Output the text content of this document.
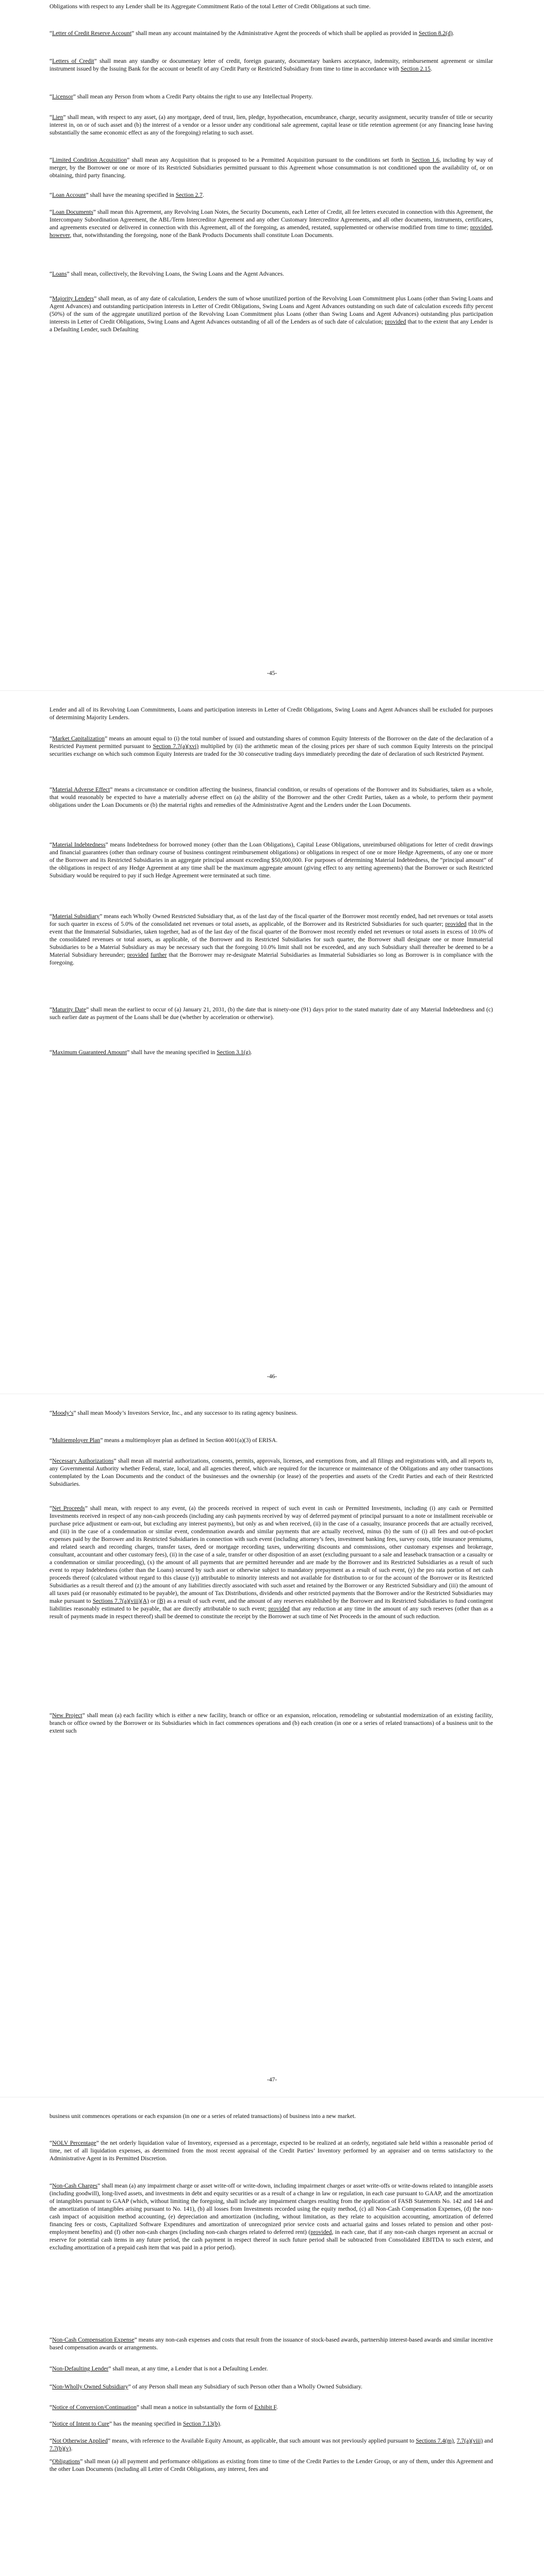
Obligations with respect to any Lender shall be its Aggregate Commitment Ratio of the total Letter of Credit Obligations at such time.

“Letter of Credit Reserve Account” shall mean any account maintained by the Administrative Agent the proceeds of which shall be applied as provided in Section 8.2(d).

“Letters of Credit” shall mean any standby or documentary letter of credit, foreign guaranty, documentary bankers acceptance, indemnity, reimbursement agreement or similar instrument issued by the Issuing Bank for the account or benefit of any Credit Party or Restricted Subsidiary from time to time in accordance with Section 2.15.

“Licensor” shall mean any Person from whom a Credit Party obtains the right to use any Intellectual Property.

“Lien” shall mean, with respect to any asset, (a) any mortgage, deed of trust, lien, pledge, hypothecation, encumbrance, charge, security assignment, security transfer of title or security interest in, on or of such asset and (b) the interest of a vendor or a lessor under any conditional sale agreement, capital lease or title retention agreement (or any financing lease having substantially the same economic effect as any of the foregoing) relating to such asset.

“Limited Condition Acquisition” shall mean any Acquisition that is proposed to be a Permitted Acquisition pursuant to the conditions set forth in Section 1.6, including by way of merger, by the Borrower or one or more of its Restricted Subsidiaries permitted pursuant to this Agreement whose consummation is not conditioned upon the availability of, or on obtaining, third party financing.

“Loan Account” shall have the meaning specified in Section 2.7.

“Loan Documents” shall mean this Agreement, any Revolving Loan Notes, the Security Documents, each Letter of Credit, all fee letters executed in connection with this Agreement, the Intercompany Subordination Agreement, the ABL/Term Intercreditor Agreement and any other Customary Intercreditor Agreements, and all other documents, instruments, certificates, and agreements executed or delivered in connection with this Agreement, all of the foregoing, as amended, restated, supplemented or otherwise modified from time to time; provided, however, that, notwithstanding the foregoing, none of the Bank Products Documents shall constitute Loan Documents.

“Loans” shall mean, collectively, the Revolving Loans, the Swing Loans and the Agent Advances.

“Majority Lenders” shall mean, as of any date of calculation, Lenders the sum of whose unutilized portion of the Revolving Loan Commitment plus Loans (other than Swing Loans and Agent Advances) and outstanding participation interests in Letter of Credit Obligations, Swing Loans and Agent Advances outstanding on such date of calculation exceeds fifty percent (50%) of the sum of the aggregate unutilized portion of the Revolving Loan Commitment plus Loans (other than Swing Loans and Agent Advances) outstanding plus participation interests in Letter of Credit Obligations, Swing Loans and Agent Advances outstanding of all of the Lenders as of such date of calculation; provided that to the extent that any Lender is a Defaulting Lender, such Defaulting

-45-

Lender and all of its Revolving Loan Commitments, Loans and participation interests in Letter of Credit Obligations, Swing Loans and Agent Advances shall be excluded for purposes of determining Majority Lenders.

“Market Capitalization” means an amount equal to (i) the total number of issued and outstanding shares of common Equity Interests of the Borrower on the date of the declaration of a Restricted Payment permitted pursuant to Section 7.7(a)(xvi) multiplied by (ii) the arithmetic mean of the closing prices per share of such common Equity Interests on the principal securities exchange on which such common Equity Interests are traded for the 30 consecutive trading days immediately preceding the date of declaration of such Restricted Payment.

“Material Adverse Effect” means a circumstance or condition affecting the business, financial condition, or results of operations of the Borrower and its Subsidiaries, taken as a whole, that would reasonably be expected to have a materially adverse effect on (a) the ability of the Borrower and the other Credit Parties, taken as a whole, to perform their payment obligations under the Loan Documents or (b) the material rights and remedies of the Administrative Agent and the Lenders under the Loan Documents.

“Material Indebtedness” means Indebtedness for borrowed money (other than the Loan Obligations), Capital Lease Obligations, unreimbursed obligations for letter of credit drawings and financial guarantees (other than ordinary course of business contingent reimbursement obligations) or obligations in respect of one or more Hedge Agreements, of any one or more of the Borrower and its Restricted Subsidiaries in an aggregate principal amount exceeding $50,000,000. For purposes of determining Material Indebtedness, the “principal amount” of the obligations in respect of any Hedge Agreement at any time shall be the maximum aggregate amount (giving effect to any netting agreements) that the Borrower or such Restricted Subsidiary would be required to pay if such Hedge Agreement were terminated at such time.

“Material Subsidiary” means each Wholly Owned Restricted Subsidiary that, as of the last day of the fiscal quarter of the Borrower most recently ended, had net revenues or total assets for such quarter in excess of 5.0% of the consolidated net revenues or total assets, as applicable, of the Borrower and its Restricted Subsidiaries for such quarter; provided that in the event that the Immaterial Subsidiaries, taken together, had as of the last day of the fiscal quarter of the Borrower most recently ended net revenues or total assets in excess of 10.0% of the consolidated revenues or total assets, as applicable, of the Borrower and its Restricted Subsidiaries for such quarter, the Borrower shall designate one or more Immaterial Subsidiaries to be a Material Subsidiary as may be necessary such that the foregoing 10.0% limit shall not be exceeded, and any such Subsidiary shall thereafter be deemed to be a Material Subsidiary hereunder; provided further that the Borrower may re-designate Material Subsidiaries as Immaterial Subsidiaries so long as Borrower is in compliance with the foregoing.

“Maturity Date” shall mean the earliest to occur of (a) January 21, 2031, (b) the date that is ninety-one (91) days prior to the stated maturity date of any Material Indebtedness and (c) such earlier date as payment of the Loans shall be due (whether by acceleration or otherwise).

“Maximum Guaranteed Amount” shall have the meaning specified in Section 3.1(g).

-46-

“Moody’s” shall mean Moody’s Investors Service, Inc., and any successor to its rating agency business.

“Multiemployer Plan” means a multiemployer plan as defined in Section 4001(a)(3) of ERISA.

“Necessary Authorizations” shall mean all material authorizations, consents, permits, approvals, licenses, and exemptions from, and all filings and registrations with, and all reports to, any Governmental Authority whether Federal, state, local, and all agencies thereof, which are required for the incurrence or maintenance of the Obligations and any other transactions contemplated by the Loan Documents and the conduct of the businesses and the ownership (or lease) of the properties and assets of the Credit Parties and each of their Restricted Subsidiaries.

“Net Proceeds” shall mean, with respect to any event, (a) the proceeds received in respect of such event in cash or Permitted Investments, including (i) any cash or Permitted Investments received in respect of any non-cash proceeds (including any cash payments received by way of deferred payment of principal pursuant to a note or installment receivable or purchase price adjustment or earn-out, but excluding any interest payments), but only as and when received, (ii) in the case of a casualty, insurance proceeds that are actually received, and (iii) in the case of a condemnation or similar event, condemnation awards and similar payments that are actually received, minus (b) the sum of (i) all fees and out-of-pocket expenses paid by the Borrower and its Restricted Subsidiaries in connection with such event (including attorney’s fees, investment banking fees, survey costs, title insurance premiums, and related search and recording charges, transfer taxes, deed or mortgage recording taxes, underwriting discounts and commissions, other customary expenses and brokerage, consultant, accountant and other customary fees), (ii) in the case of a sale, transfer or other disposition of an asset (excluding pursuant to a sale and leaseback transaction or a casualty or a condemnation or similar proceeding), (x) the amount of all payments that are permitted hereunder and are made by the Borrower and its Restricted Subsidiaries as a result of such event to repay Indebtedness (other than the Loans) secured by such asset or otherwise subject to mandatory prepayment as a result of such event, (y) the pro rata portion of net cash proceeds thereof (calculated without regard to this clause (y)) attributable to minority interests and not available for distribution to or for the account of the Borrower or its Restricted Subsidiaries as a result thereof and (z) the amount of any liabilities directly associated with such asset and retained by the Borrower or any Restricted Subsidiary and (iii) the amount of all taxes paid (or reasonably estimated to be payable), the amount of Tax Distributions, dividends and other restricted payments that the Borrower and/or the Restricted Subsidiaries may make pursuant to Sections 7.7(a)(viii)(A) or (B) as a result of such event, and the amount of any reserves established by the Borrower and its Restricted Subsidiaries to fund contingent liabilities reasonably estimated to be payable, that are directly attributable to such event; provided that any reduction at any time in the amount of any such reserves (other than as a result of payments made in respect thereof) shall be deemed to constitute the receipt by the Borrower at such time of Net Proceeds in the amount of such reduction.

“New Project” shall mean (a) each facility which is either a new facility, branch or office or an expansion, relocation, remodeling or substantial modernization of an existing facility, branch or office owned by the Borrower or its Subsidiaries which in fact commences operations and (b) each creation (in one or a series of related transactions) of a business unit to the extent such

-47-

business unit commences operations or each expansion (in one or a series of related transactions) of business into a new market.

“NOLV Percentage” the net orderly liquidation value of Inventory, expressed as a percentage, expected to be realized at an orderly, negotiated sale held within a reasonable period of time, net of all liquidation expenses, as determined from the most recent appraisal of the Credit Parties’ Inventory performed by an appraiser and on terms satisfactory to the Administrative Agent in its Permitted Discretion.

“Non-Cash Charges” shall mean (a) any impairment charge or asset write-off or write-down, including impairment charges or asset write-offs or write-downs related to intangible assets (including goodwill), long-lived assets, and investments in debt and equity securities or as a result of a change in law or regulation, in each case pursuant to GAAP, and the amortization of intangibles pursuant to GAAP (which, without limiting the foregoing, shall include any impairment charges resulting from the application of FASB Statements No. 142 and 144 and the amortization of intangibles arising pursuant to No. 141), (b) all losses from Investments recorded using the equity method, (c) all Non-Cash Compensation Expenses, (d) the non-cash impact of acquisition method accounting, (e) depreciation and amortization (including, without limitation, as they relate to acquisition accounting, amortization of deferred financing fees or costs, Capitalized Software Expenditures and amortization of unrecognized prior service costs and actuarial gains and losses related to pension and other post-employment benefits) and (f) other non-cash charges (including non-cash charges related to deferred rent) (provided, in each case, that if any non-cash charges represent an accrual or reserve for potential cash items in any future period, the cash payment in respect thereof in such future period shall be subtracted from Consolidated EBITDA to such extent, and excluding amortization of a prepaid cash item that was paid in a prior period).

“Non-Cash Compensation Expense” means any non-cash expenses and costs that result from the issuance of stock-based awards, partnership interest-based awards and similar incentive based compensation awards or arrangements.

“Non-Defaulting Lender” shall mean, at any time, a Lender that is not a Defaulting Lender.

“Non-Wholly Owned Subsidiary” of any Person shall mean any Subsidiary of such Person other than a Wholly Owned Subsidiary.

“Notice of Conversion/Continuation” shall mean a notice in substantially the form of Exhibit F.

“Notice of Intent to Cure” has the meaning specified in Section 7.13(b).

“Not Otherwise Applied” means, with reference to the Available Equity Amount, as applicable, that such amount was not previously applied pursuant to Sections 7.4(m), 7.7(a)(viii) and 7.7(b)(v).

“Obligations” shall mean (a) all payment and performance obligations as existing from time to time of the Credit Parties to the Lender Group, or any of them, under this Agreement and the other Loan Documents (including all Letter of Credit Obligations, any interest, fees and
